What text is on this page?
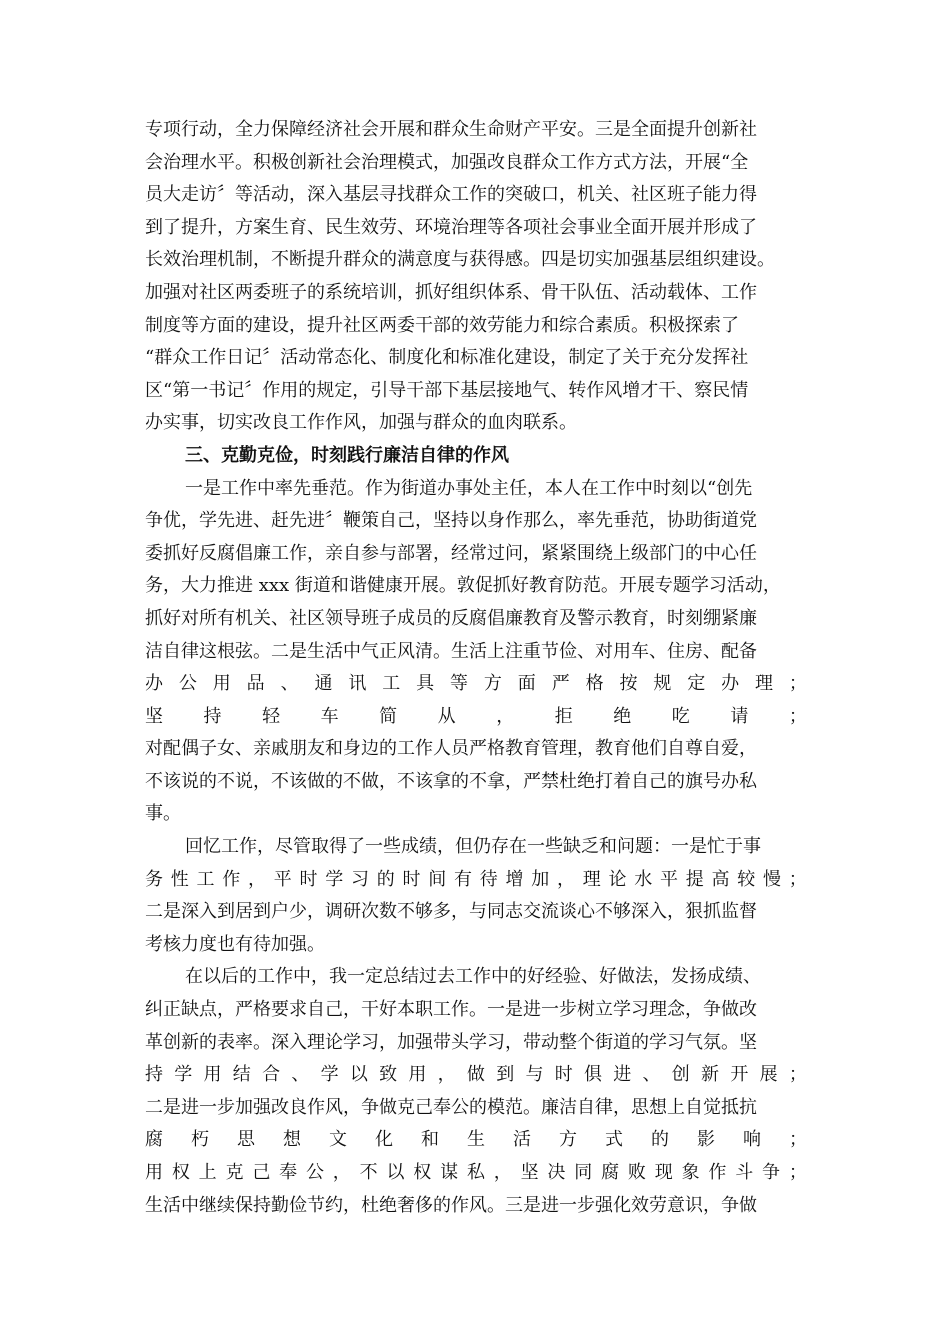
专项行动，全力保障经济社会开展和群众生命财产平安。三是全面提升创新社
会治理水平。积极创新社会治理模式，加强改良群众工作方式方法，开展“全
员大走访〞等活动，深入基层寻找群众工作的突破口，机关、社区班子能力得
到了提升，方案生育、民生效劳、环境治理等各项社会事业全面开展并形成了
长效治理机制，不断提升群众的满意度与获得感。四是切实加强基层组织建设。
加强对社区两委班子的系统培训，抓好组织体系、骨干队伍、活动载体、工作
制度等方面的建设，提升社区两委干部的效劳能力和综合素质。积极探索了
“群众工作日记〞活动常态化、制度化和标准化建设，制定了关于充分发挥社
区“第一书记〞作用的规定，引导干部下基层接地气、转作风增才干、察民情
办实事，切实改良工作作风，加强与群众的血肉联系。
三、克勤克俭，时刻践行廉洁自律的作风
一是工作中率先垂范。作为街道办事处主任，本人在工作中时刻以“创先
争优，学先进、赶先进〞鞭策自己，坚持以身作那么，率先垂范，协助街道党
委抓好反腐倡廉工作，亲自参与部署，经常过问，紧紧围绕上级部门的中心任
务，大力推进 xxx 街道和谐健康开展。敦促抓好教育防范。开展专题学习活动，
抓好对所有机关、社区领导班子成员的反腐倡廉教育及警示教育，时刻绷紧廉
洁自律这根弦。二是生活中气正风清。生活上注重节俭、对用车、住房、配备
办 公 用 品 、 通 讯 工 具 等 方 面 严 格 按 规 定 办 理 ；
坚 持 轻 车 简 从 ， 拒 绝 吃 请 ；
对配偶子女、亲戚朋友和身边的工作人员严格教育管理，教育他们自尊自爱，
不该说的不说，不该做的不做，不该拿的不拿，严禁杜绝打着自己的旗号办私
事。
回忆工作，尽管取得了一些成绩，但仍存在一些缺乏和问题：一是忙于事
务 性 工 作 ， 平 时 学 习 的 时 间 有 待 增 加 ， 理 论 水 平 提 高 较 慢 ；
二是深入到居到户少，调研次数不够多，与同志交流谈心不够深入，狠抓监督
考核力度也有待加强。
在以后的工作中，我一定总结过去工作中的好经验、好做法，发扬成绩、
纠正缺点，严格要求自己，干好本职工作。一是进一步树立学习理念，争做改
革创新的表率。深入理论学习，加强带头学习，带动整个街道的学习气氛。坚
持 学 用 结 合 、 学 以 致 用 ， 做 到 与 时 俱 进 、 创 新 开 展 ；
二是进一步加强改良作风，争做克己奉公的模范。廉洁自律，思想上自觉抵抗
腐 朽 思 想 文 化 和 生 活 方 式 的 影 响 ；
用 权 上 克 己 奉 公 ， 不 以 权 谋 私 ， 坚 决 同 腐 败 现 象 作 斗 争 ；
生活中继续保持勤俭节约，杜绝奢侈的作风。三是进一步强化效劳意识，争做
